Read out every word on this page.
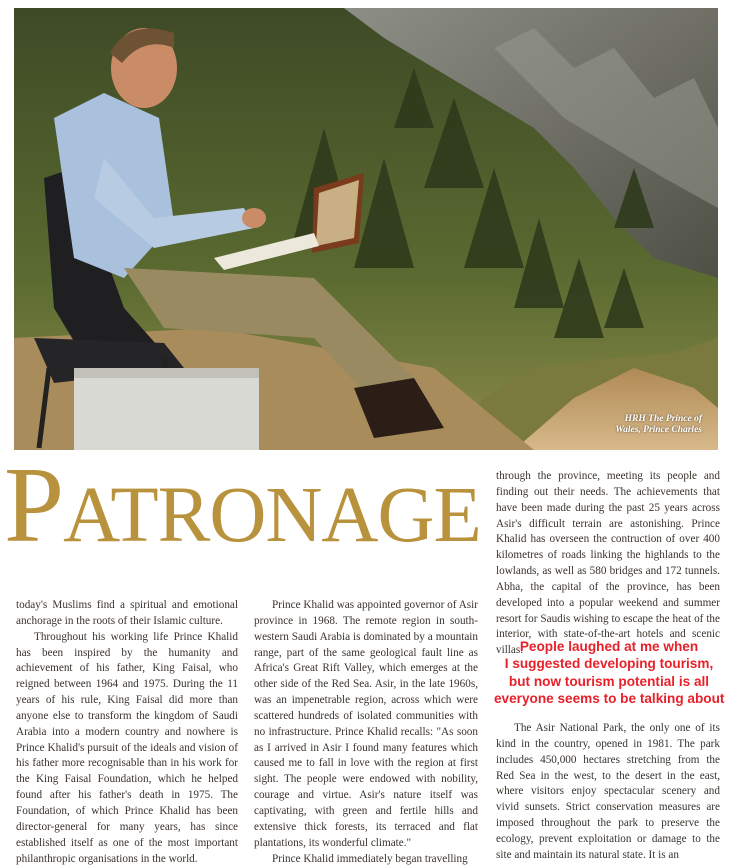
HRH The Prince of
Wales, Prince Charles
PATRONAGE

today's Muslims find a spiritual and emotional anchorage in the roots of their Islamic culture.

Throughout his working life Prince Khalid has been inspired by the humanity and achievement of his father, King Faisal, who reigned between 1964 and 1975. During the 11 years of his rule, King Faisal did more than anyone else to transform the kingdom of Saudi Arabia into a modern country and nowhere is Prince Khalid's pursuit of the ideals and vision of his father more recognisable than in his work for the King Faisal Foundation, which he helped found after his father's death in 1975. The Foundation, of which Prince Khalid has been director-general for many years, has since established itself as one of the most important philanthropic organisations in the world.

Prince Khalid was appointed governor of Asir province in 1968. The remote region in south-western Saudi Arabia is dominated by a mountain range, part of the same geological fault line as Africa's Great Rift Valley, which emerges at the other side of the Red Sea. Asir, in the late 1960s, was an impenetrable region, across which were scattered hundreds of isolated communities with no infrastructure. Prince Khalid recalls: "As soon as I arrived in Asir I found many features which caused me to fall in love with the region at first sight. The people were endowed with nobility, courage and virtue. Asir's nature itself was captivating, with green and fertile hills and extensive thick forests, its terraced and flat plantations, its wonderful climate."

Prince Khalid immediately began travelling

through the province, meeting its people and finding out their needs. The achievements that have been made during the past 25 years across Asir's difficult terrain are astonishing. Prince Khalid has overseen the contruction of over 400 kilometres of roads linking the highlands to the lowlands, as well as 580 bridges and 172 tunnels. Abha, the capital of the province, has been developed into a popular weekend and summer resort for Saudis wishing to escape the heat of the interior, with state-of-the-art hotels and scenic villas.

People laughed at me when
I suggested developing tourism,
but now tourism potential is all
everyone seems to be talking about

The Asir National Park, the only one of its kind in the country, opened in 1981. The park includes 450,000 hectares stretching from the Red Sea in the west, to the desert in the east, where visitors enjoy spectacular scenery and vivid sunsets. Strict conservation measures are imposed throughout the park to preserve the ecology, prevent exploitation or damage to the site and maintain its natural state. It is an
